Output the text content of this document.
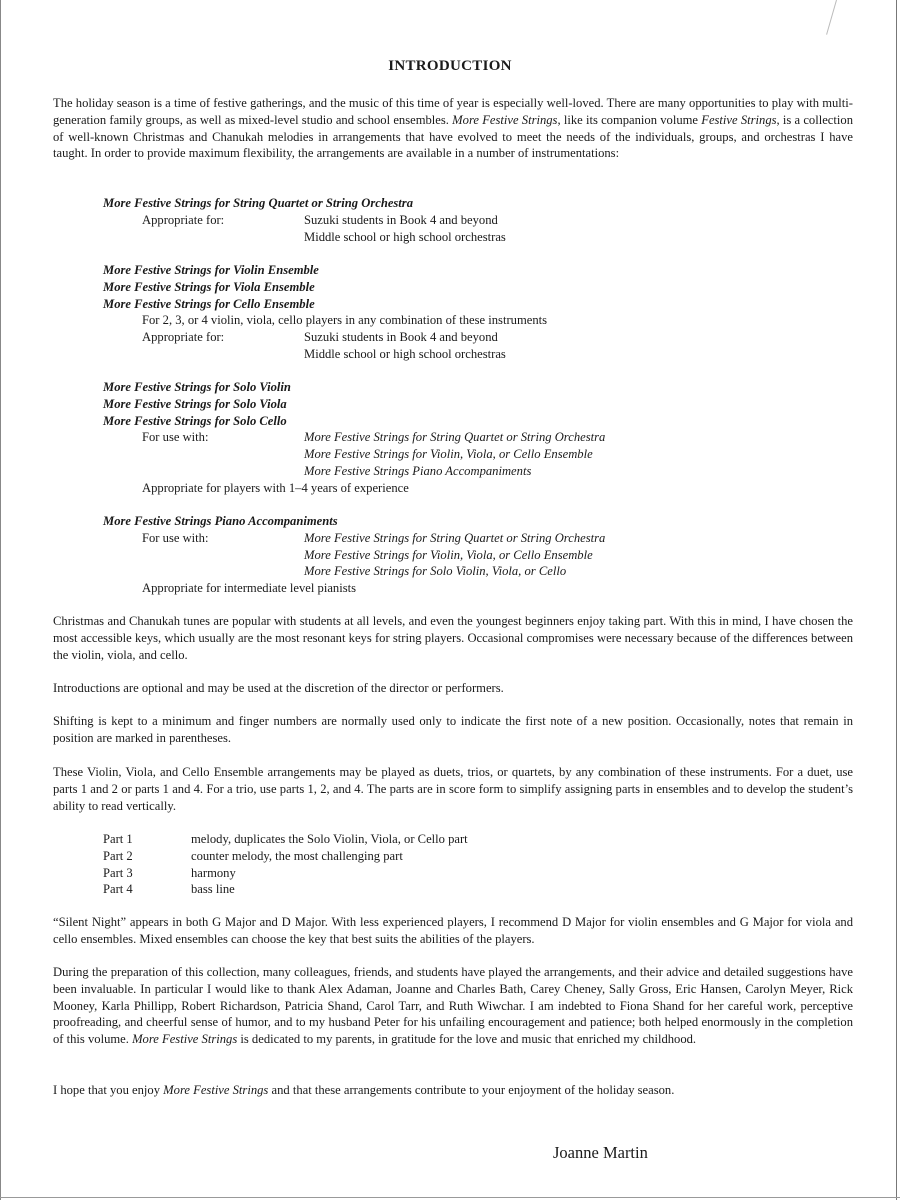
INTRODUCTION

The holiday season is a time of festive gatherings, and the music of this time of year is especially well-loved. There are many opportunities to play with multi-generation family groups, as well as mixed-level studio and school ensembles. More Festive Strings, like its companion volume Festive Strings, is a collection of well-known Christmas and Chanukah melodies in arrangements that have evolved to meet the needs of the individuals, groups, and orchestras I have taught. In order to provide maximum flexibility, the arrangements are available in a number of instrumentations:

More Festive Strings for String Quartet or String Orchestra
Appropriate for:	Suzuki students in Book 4 and beyond
Middle school or high school orchestras
More Festive Strings for Violin Ensemble
More Festive Strings for Viola Ensemble
More Festive Strings for Cello Ensemble
For 2, 3, or 4 violin, viola, cello players in any combination of these instruments
Appropriate for:	Suzuki students in Book 4 and beyond
Middle school or high school orchestras
More Festive Strings for Solo Violin
More Festive Strings for Solo Viola
More Festive Strings for Solo Cello
For use with:	More Festive Strings for String Quartet or String Orchestra
More Festive Strings for Violin, Viola, or Cello Ensemble
More Festive Strings Piano Accompaniments
Appropriate for players with 1–4 years of experience
More Festive Strings Piano Accompaniments
For use with:	More Festive Strings for String Quartet or String Orchestra
More Festive Strings for Violin, Viola, or Cello Ensemble
More Festive Strings for Solo Violin, Viola, or Cello
Appropriate for intermediate level pianists

Christmas and Chanukah tunes are popular with students at all levels, and even the youngest beginners enjoy taking part. With this in mind, I have chosen the most accessible keys, which usually are the most resonant keys for string players. Occasional compromises were necessary because of the differences between the violin, viola, and cello.

Introductions are optional and may be used at the discretion of the director or performers.

Shifting is kept to a minimum and finger numbers are normally used only to indicate the first note of a new position. Occasionally, notes that remain in position are marked in parentheses.

These Violin, Viola, and Cello Ensemble arrangements may be played as duets, trios, or quartets, by any combination of these instruments. For a duet, use parts 1 and 2 or parts 1 and 4. For a trio, use parts 1, 2, and 4. The parts are in score form to simplify assigning parts in ensembles and to develop the student’s ability to read vertically.

Part 1	melody, duplicates the Solo Violin, Viola, or Cello part
Part 2	counter melody, the most challenging part
Part 3	harmony
Part 4	bass line

“Silent Night” appears in both G Major and D Major. With less experienced players, I recommend D Major for violin ensembles and G Major for viola and cello ensembles. Mixed ensembles can choose the key that best suits the abilities of the players.

During the preparation of this collection, many colleagues, friends, and students have played the arrangements, and their advice and detailed suggestions have been invaluable. In particular I would like to thank Alex Adaman, Joanne and Charles Bath, Carey Cheney, Sally Gross, Eric Hansen, Carolyn Meyer, Rick Mooney, Karla Phillipp, Robert Richardson, Patricia Shand, Carol Tarr, and Ruth Wiwchar. I am indebted to Fiona Shand for her careful work, perceptive proofreading, and cheerful sense of humor, and to my husband Peter for his unfailing encouragement and patience; both helped enormously in the completion of this volume. More Festive Strings is dedicated to my parents, in gratitude for the love and music that enriched my childhood.

I hope that you enjoy More Festive Strings and that these arrangements contribute to your enjoyment of the holiday season.

Joanne Martin
